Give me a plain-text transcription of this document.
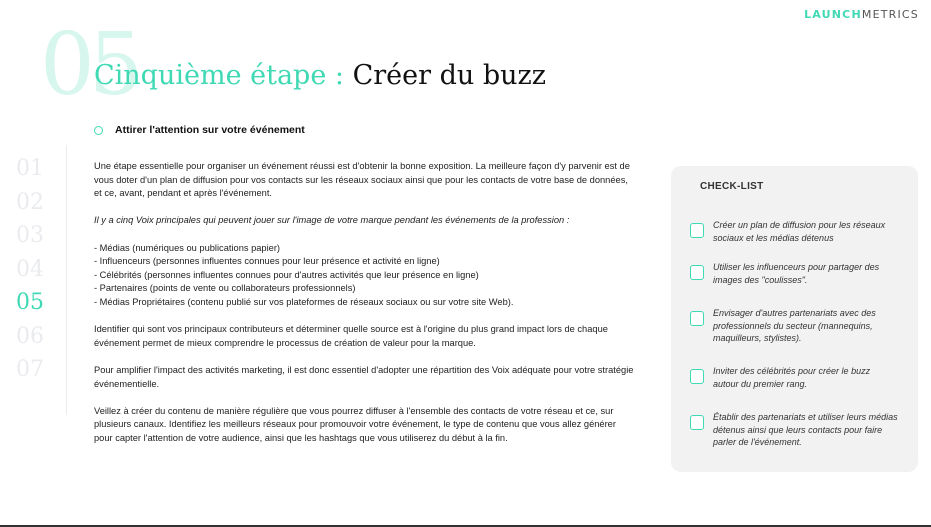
LAUNCHMETRICS
05
Cinquième étape : Créer du buzz
Attirer l'attention sur votre événement
01
02
03
04
05
06
07

Une étape essentielle pour organiser un événement réussi est d'obtenir la bonne exposition. La meilleure façon d'y parvenir est de vous doter d'un plan de diffusion pour vos contacts sur les réseaux sociaux ainsi que pour les contacts de votre base de données, et ce, avant, pendant et après l'événement.

Il y a cinq Voix principales qui peuvent jouer sur l'image de votre marque pendant les événements de la profession :

- Médias (numériques ou publications papier)
- Influenceurs (personnes influentes connues pour leur présence et activité en ligne)
- Célébrités (personnes influentes connues pour d'autres activités que leur présence en ligne)
- Partenaires (points de vente ou collaborateurs professionnels)
- Médias Propriétaires (contenu publié sur vos plateformes de réseaux sociaux ou sur votre site Web).

Identifier qui sont vos principaux contributeurs et déterminer quelle source est à l'origine du plus grand impact lors de chaque événement permet de mieux comprendre le processus de création de valeur pour la marque.

Pour amplifier l'impact des activités marketing, il est donc essentiel d'adopter une répartition des Voix adéquate pour votre stratégie événementielle.

Veillez à créer du contenu de manière régulière que vous pourrez diffuser à l'ensemble des contacts de votre réseau et ce, sur plusieurs canaux. Identifiez les meilleurs réseaux pour promouvoir votre événement, le type de contenu que vous allez générer pour capter l'attention de votre audience, ainsi que les hashtags que vous utiliserez du début à la fin.

CHECK-LIST
Créer un plan de diffusion pour les réseaux sociaux et les médias détenus
Utiliser les influenceurs pour partager des images des "coulisses".
Envisager d'autres partenariats avec des professionnels du secteur (mannequins, maquilleurs, stylistes).
Inviter des célébrités pour créer le buzz autour du premier rang.
Établir des partenariats et utiliser leurs médias détenus ainsi que leurs contacts pour faire parler de l'événement.
